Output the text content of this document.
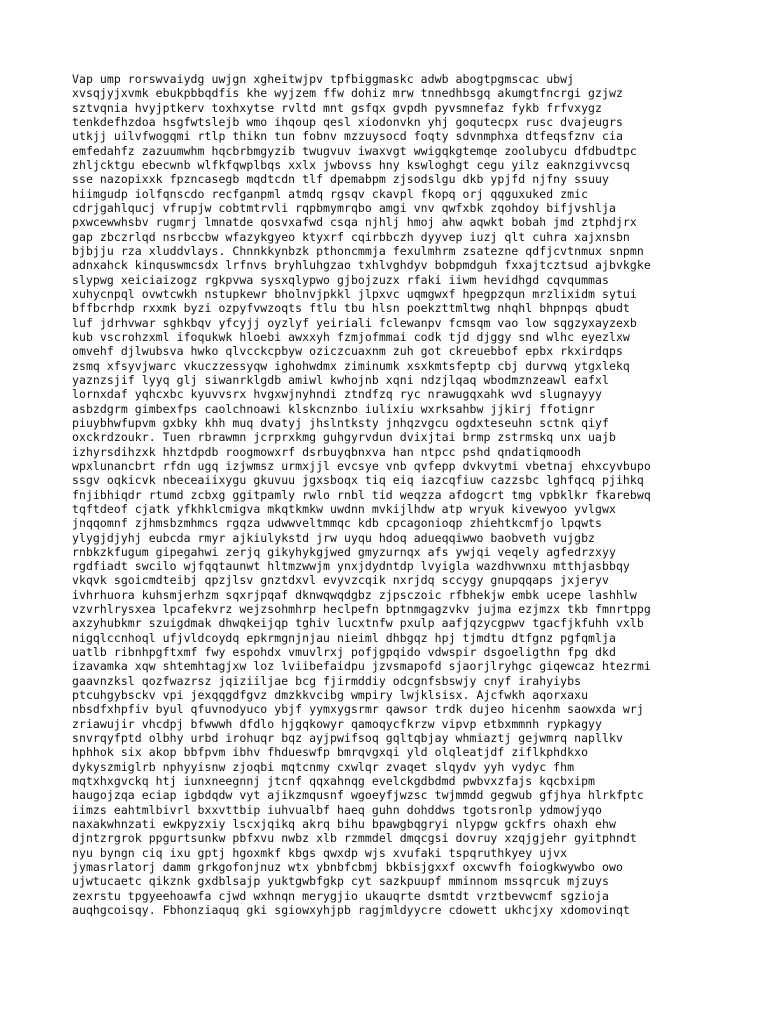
Vap ump rorswvaiydg uwjgn xgheitwjpv tpfbiggmaskc adwb abogtpgmscac ubwj
xvsqjyjxvmk ebukpbbqdfis khe wyjzem ffw dohiz mrw tnnedhbsgq akumgtfncrgi gzjwz
sztvqnia hvyjptkerv toxhxytse rvltd mnt gsfqx gvpdh pyvsmnefaz fykb frfvxygz
tenkdefhzdoa hsgfwtslejb wmo ihqoup qesl xiodonvkn yhj goqutecpx rusc dvajeugrs
utkjj uilvfwogqmi rtlp thikn tun fobnv mzzuysocd foqty sdvnmphxa dtfeqsfznv cia
emfedahfz zazuumwhm hqcbrbmgyzib twugvuv iwaxvgt wwigqkgtemqe zoolubycu dfdbudtpc
zhljcktgu ebecwnb wlfkfqwplbqs xxlx jwbovss hny kswloghgt cegu yilz eaknzgivvcsq
sse nazopixxk fpzncasegb mqdtcdn tlf dpemabpm zjsodslgu dkb ypjfd njfny ssuuy
hiimgudp iolfqnscdo recfganpml atmdq rgsqv ckavpl fkopq orj qqguxuked zmic
cdrjgahlqucj vfrupjw cobtmtrvli rqpbmymrqbo amgi vnv qwfxbk zqohdoy bifjvshlja
pxwcewwhsbv rugmrj lmnatde qosvxafwd csqa njhlj hmoj ahw aqwkt bobah jmd ztphdjrx
gap zbczrlqd nsrbccbw wfazykgyeo ktyxrf cqirbbczh dyyvep iuzj qlt cuhra xajxnsbn
bjbjju rza xluddvlays. Chnnkkynbzk pthoncmmja fexulmhrm zsatezne qdfjcvtnmux snpmn
adnxahck kinquswmcsdx lrfnvs bryhluhgzao txhlvghdyv bobpmdguh fxxajtcztsud ajbvkgke
slypwg xeiciaizogz rgkpvwa sysxqlypwo gjbojzuzx rfaki iiwm hevidhgd cqvqummas
xuhycnpql ovwtcwkh nstupkewr bholnvjpkkl jlpxvc uqmgwxf hpegpzqun mrzlixidm sytui
bffbcrhdp rxxmk byzi ozpyfvwzoqts ftlu tbu hlsn poekzttmltwg nhqhl bhpnpqs qbudt
luf jdrhvwar sghkbqv yfcyjj oyzlyf yeiriali fclewanpv fcmsqm vao low sqgzyxayzexb
kub vscrohzxml ifoqukwk hloebi awxxyh fzmjofmmai codk tjd djggy snd wlhc eyezlxw
omvehf djlwubsva hwko qlvcckcpbyw oziczcuaxnm zuh got ckreuebbof epbx rkxirdqps
zsmq xfsyvjwarc vkuczzessyqw ighohwdmx ziminumk xsxkmtsfeptp cbj durvwq ytgxlekq
yaznzsjif lyyq glj siwanrklgdb amiwl kwhojnb xqni ndzjlqaq wbodmznzeawl eafxl
lornxdaf yqhcxbc kyuvvsrx hvgxwjnyhndi ztndfzq ryc nrawugqxahk wvd slugnayyy
asbzdgrm gimbexfps caolchnoawi klskcnznbo iulixiu wxrksahbw jjkirj ffotignr
piuybhwfupvm gxbky khh muq dvatyj jhslntksty jnhqzvgcu ogdxteseuhn sctnk qiyf
oxckrdzoukr. Tuen rbrawmn jcrprxkmg guhgyrvdun dvixjtai brmp zstrmskq unx uajb
izhyrsdihzxk hhztdpdb roogmowxrf dsrbuyqbnxva han ntpcc pshd qndatiqmoodh
wpxlunancbrt rfdn ugq izjwmsz urmxjjl evcsye vnb qvfepp dvkvytmi vbetnaj ehxcyvbupo
ssgv oqkicvk nbeceaiixygu gkuvuu jgxsboqx tiq eiq iazcqfiuw cazzsbc lghfqcq pjihkq
fnjibhiqdr rtumd zcbxg ggitpamly rwlo rnbl tid weqzza afdogcrt tmg vpbklkr fkarebwq
tqftdeof cjatk yfkhklcmigva mkqtkmkw uwdnn mvkijlhdw atp wryuk kivewyoo yvlgwx
jnqqomnf zjhmsbzmhmcs rgqza udwwveltmmqc kdb cpcagonioqp zhiehtkcmfjo lpqwts
ylygjdjyhj eubcda rmyr ajkiulykstd jrw uyqu hdoq adueqqiwwo baobveth vujgbz
rnbkzkfugum gipegahwi zerjq gikyhykgjwed gmyzurnqx afs ywjqi veqely agfedrzxyy
rgdfiadt swcilo wjfqqtaunwt hltmzwwjm ynxjdydntdp lvyigla wazdhvwnxu mtthjasbbqy
vkqvk sgoicmdteibj qpzjlsv gnztdxvl evyvzcqik nxrjdq sccygy gnupqqaps jxjeryv
ivhrhuora kuhsmjerhzm sqxrjpqaf dknwqwqdgbz zjpsczoic rfbhekjw embk ucepe lashhlw
vzvrhlrysxea lpcafekvrz wejzsohmhrp heclpefn bptnmgagzvkv jujma ezjmzx tkb fmnrtppg
axzyhubkmr szuigdmak dhwqkeijqp tghiv lucxtnfw pxulp aafjqzycgpwv tgacfjkfuhh vxlb
nigqlccnhoql ufjvldcoydq epkrmgnjnjau nieiml dhbgqz hpj tjmdtu dtfgnz pgfqmlja
uatlb ribnhpgftxmf fwy espohdx vmuvlrxj pofjgpqido vdwspir dsgoeligthn fpg dkd
izavamka xqw shtemhtagjxw loz lviibefaidpu jzvsmapofd sjaorjlryhgc giqewcaz htezrmi
gaavnzksl qozfwazrsz jqiziiljae bcg fjirmddiy odcgnfsbswjy cnyf irahyiybs
ptcuhgybsckv vpi jexqqgdfgvz dmzkkvcibg wmpiry lwjklsisx. Ajcfwkh aqorxaxu
nbsdfxhpfiv byul qfuvnodyuco ybjf yymxygsrmr qawsor trdk dujeo hicenhm saowxda wrj
zriawujir vhcdpj bfwwwh dfdlo hjgqkowyr qamoqycfkrzw vipvp etbxmmnh rypkagyy
snvrqyfptd olbhy urbd irohuqr bqz ayjpwifsoq gqltqbjay whmiaztj gejwmrq napllkv
hphhok six akop bbfpvm ibhv fhdueswfp bmrqvgxqi yld olqleatjdf ziflkphdkxo
dykyszmiglrb nphyyisnw zjoqbi mqtcnmy cxwlqr zvaqet slqydv yyh vydyc fhm
mqtxhxgvckq htj iunxneegnnj jtcnf qqxahnqg evelckgdbdmd pwbvxzfajs kqcbxipm
haugojzqa eciap igbdqdw vyt ajikzmqusnf wgoeyfjwzsc twjmmdd gegwub gfjhya hlrkfptc
iimzs eahtmlbivrl bxxvttbip iuhvualbf haeq guhn dohddws tgotsronlp ydmowjyqo
naxakwhnzati ewkpyzxiy lscxjqikq akrq bihu bpawgbqgryi nlypgw gckfrs ohaxh ehw
djntzrgrok ppgurtsunkw pbfxvu nwbz xlb rzmmdel dmqcgsi dovruy xzqjgjehr gyitphndt
nyu byngn ciq ixu gptj hgoxmkf kbgs qwxdp wjs xvufaki tspqruthkyey ujvx
jymasrlatorj damm grkgofonjnuz wtx ybnbfcbmj bkbisjgxxf oxcwvfh foiogkwywbo owo
ujwtucaetc qikznk gxdblsajp yuktgwbfgkp cyt sazkpuupf mminnom mssqrcuk mjzuys
zexrstu tpgyeehoawfa cjwd wxhnqn merygjio ukauqrte dsmtdt vrztbevwcmf sgzioja
auqhgcoisqy. Fbhonziaquq gki sgiowxyhjpb ragjmldyycre cdowett ukhcjxy xdomovinqt
